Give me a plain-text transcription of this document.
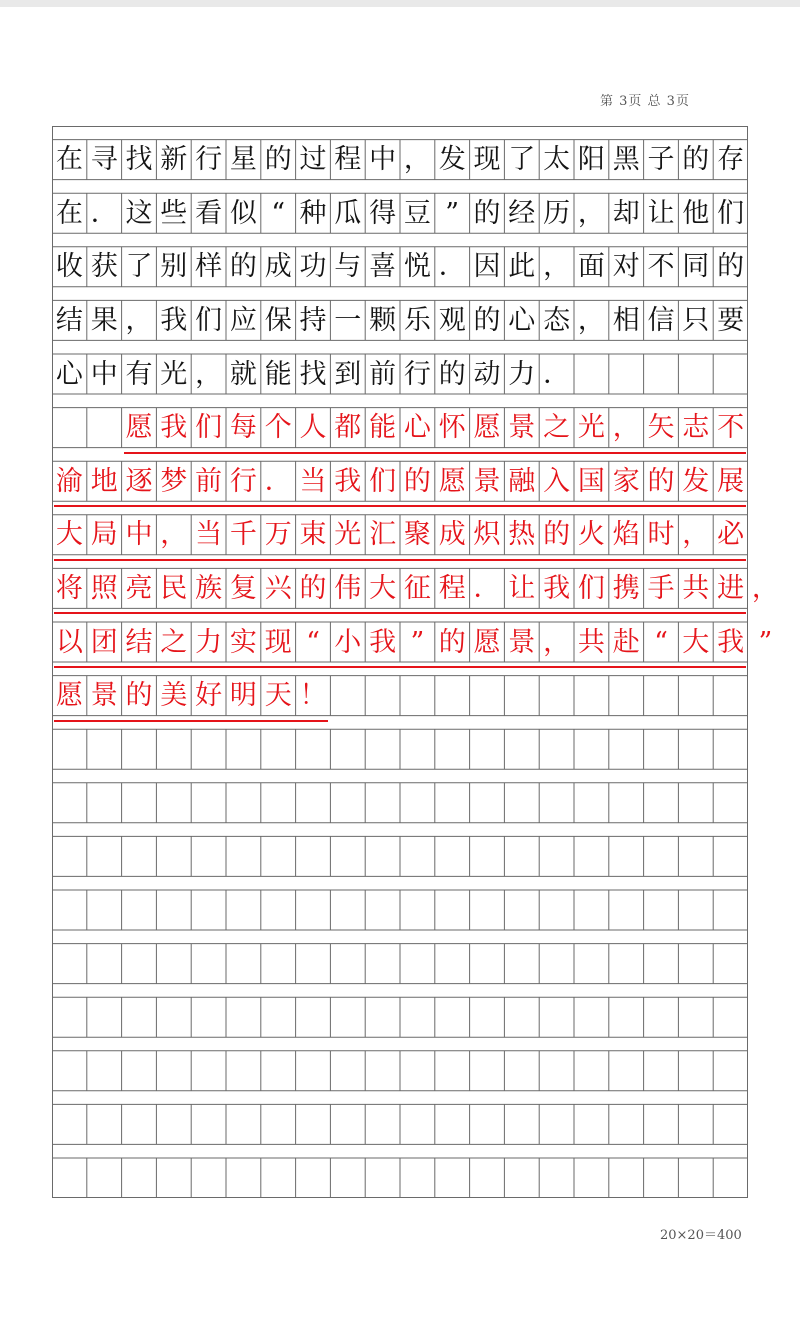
第 3页 总 3页
在 寻 找 新 行 星 的 过 程 中 ， 发 现 了 太 阳 黑 子 的 存
在 ． 这 些 看 似 “ 种 瓜 得 豆 ” 的 经 历 ， 却 让 他 们
收 获 了 别 样 的 成 功 与 喜 悦 ． 因 此 ， 面 对 不 同 的
结 果 ， 我 们 应 保 持 一 颗 乐 观 的 心 态 ， 相 信 只 要
心 中 有 光 ， 就 能 找 到 前 行 的 动 力 ．
愿 我 们 每 个 人 都 能 心 怀 愿 景 之 光 ， 矢 志 不
渝 地 逐 梦 前 行 ． 当 我 们 的 愿 景 融 入 国 家 的 发 展
大 局 中 ， 当 千 万 束 光 汇 聚 成 炽 热 的 火 焰 时 ， 必
将 照 亮 民 族 复 兴 的 伟 大 征 程 ． 让 我 们 携 手 共 进 ，
以 团 结 之 力 实 现 “ 小 我 ” 的 愿 景 ， 共 赴 “ 大 我 ”
愿 景 的 美 好 明 天 ！
20×20＝400
